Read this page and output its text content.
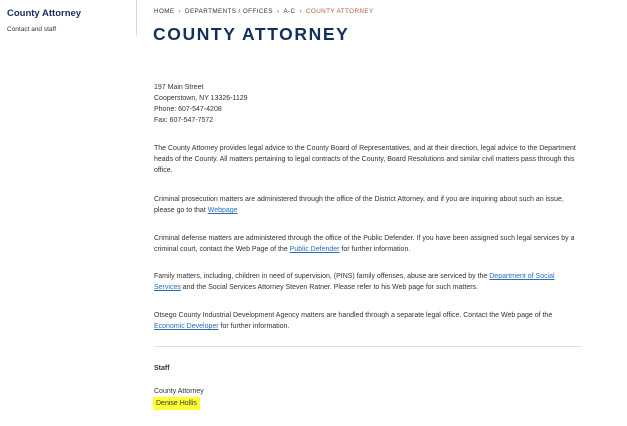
County Attorney
Contact and staff
HOME › DEPARTMENTS / OFFICES › A-C › COUNTY ATTORNEY
COUNTY ATTORNEY
197 Main Street
Cooperstown, NY 13326-1129
Phone: 607-547-4208
Fax: 607-547-7572

The County Attorney provides legal advice to the County Board of Representatives, and at their direction, legal advice to the Department heads of the County. All matters pertaining to legal contracts of the County, Board Resolutions and similar civil matters pass through this office.

Criminal prosecution matters are administered through the office of the District Attorney, and if you are inquiring about such an issue, please go to that Webpage

Criminal defense matters are administered through the office of the Public Defender. If you have been assigned such legal services by a criminal court, contact the Web Page of the Public Defender for further information.

Family matters, including, children in need of supervision, (PINS) family offenses, abuse are serviced by the Department of Social Services and the Social Services Attorney Steven Ratner. Please refer to his Web page for such matters.

Otsego County Industrial Development Agency matters are handled through a separate legal office. Contact the Web page of the Economic Developer for further information.

Staff
County Attorney
Denise Hollis
